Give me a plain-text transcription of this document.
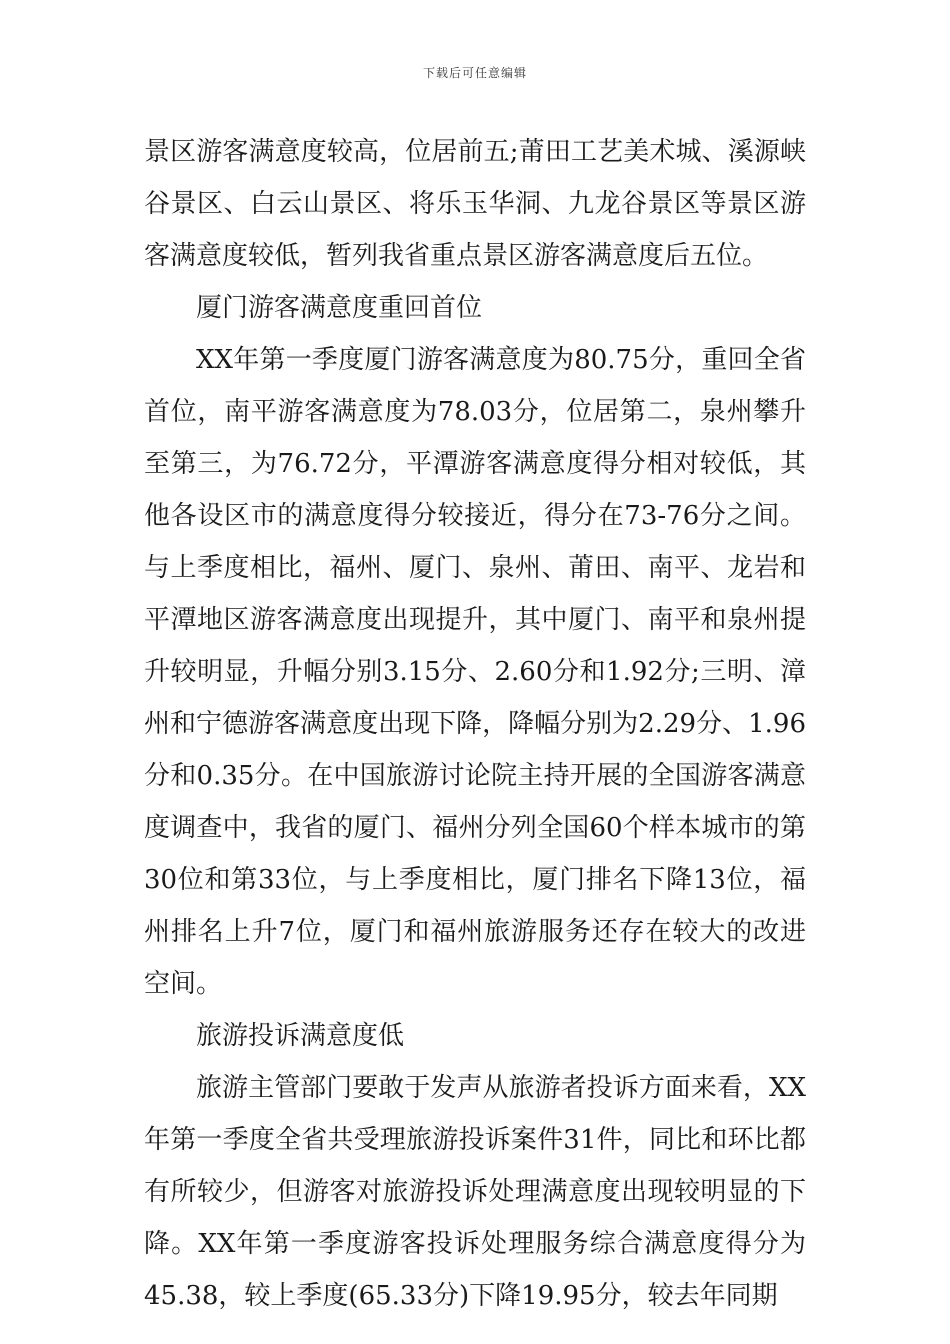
下载后可任意编辑

景区游客满意度较高，位居前五;莆田工艺美术城、溪源峡谷景区、白云山景区、将乐玉华洞、九龙谷景区等景区游客满意度较低，暂列我省重点景区游客满意度后五位。

厦门游客满意度重回首位

XX年第一季度厦门游客满意度为80.75分，重回全省首位，南平游客满意度为78.03分，位居第二，泉州攀升至第三，为76.72分，平潭游客满意度得分相对较低，其他各设区市的满意度得分较接近，得分在73-76分之间。与上季度相比，福州、厦门、泉州、莆田、南平、龙岩和平潭地区游客满意度出现提升，其中厦门、南平和泉州提升较明显，升幅分别3.15分、2.60分和1.92分;三明、漳州和宁德游客满意度出现下降，降幅分别为2.29分、1.96分和0.35分。在中国旅游讨论院主持开展的全国游客满意度调查中，我省的厦门、福州分列全国60个样本城市的第30位和第33位，与上季度相比，厦门排名下降13位，福州排名上升7位，厦门和福州旅游服务还存在较大的改进空间。

旅游投诉满意度低

旅游主管部门要敢于发声从旅游者投诉方面来看，XX年第一季度全省共受理旅游投诉案件31件，同比和环比都有所较少，但游客对旅游投诉处理满意度出现较明显的下降。XX年第一季度游客投诉处理服务综合满意度得分为45.38，较上季度(65.33分)下降19.95分，较去年同期
